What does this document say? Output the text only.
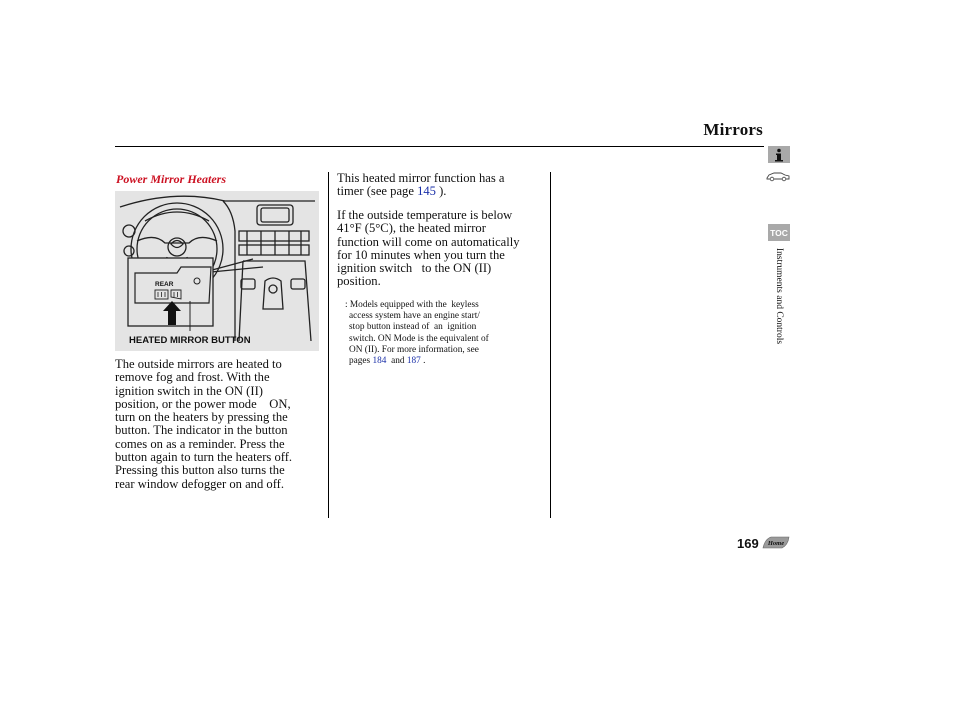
Mirrors
Power Mirror Heaters
REAR
HEATED MIRROR BUTTON
The outside mirrors are heated to
remove fog and frost. With the
ignition switch in the ON (II)
position, or the power mode    ON,
turn on the heaters by pressing the
button. The indicator in the button
comes on as a reminder. Press the
button again to turn the heaters off.
Pressing this button also turns the
rear window defogger on and off.
This heated mirror function has a
timer (see page 145 ).
If the outside temperature is below
41°F (5°C), the heated mirror
function will come on automatically
for 10 minutes when you turn the
ignition switch   to the ON (II)
position.
: Models equipped with the  keyless
access system have an engine start/
stop button instead of  an  ignition
switch. ON Mode is the equivalent of
ON (II). For more information, see
pages 184  and 187 .
TOC
Instruments and Controls
169 Home
